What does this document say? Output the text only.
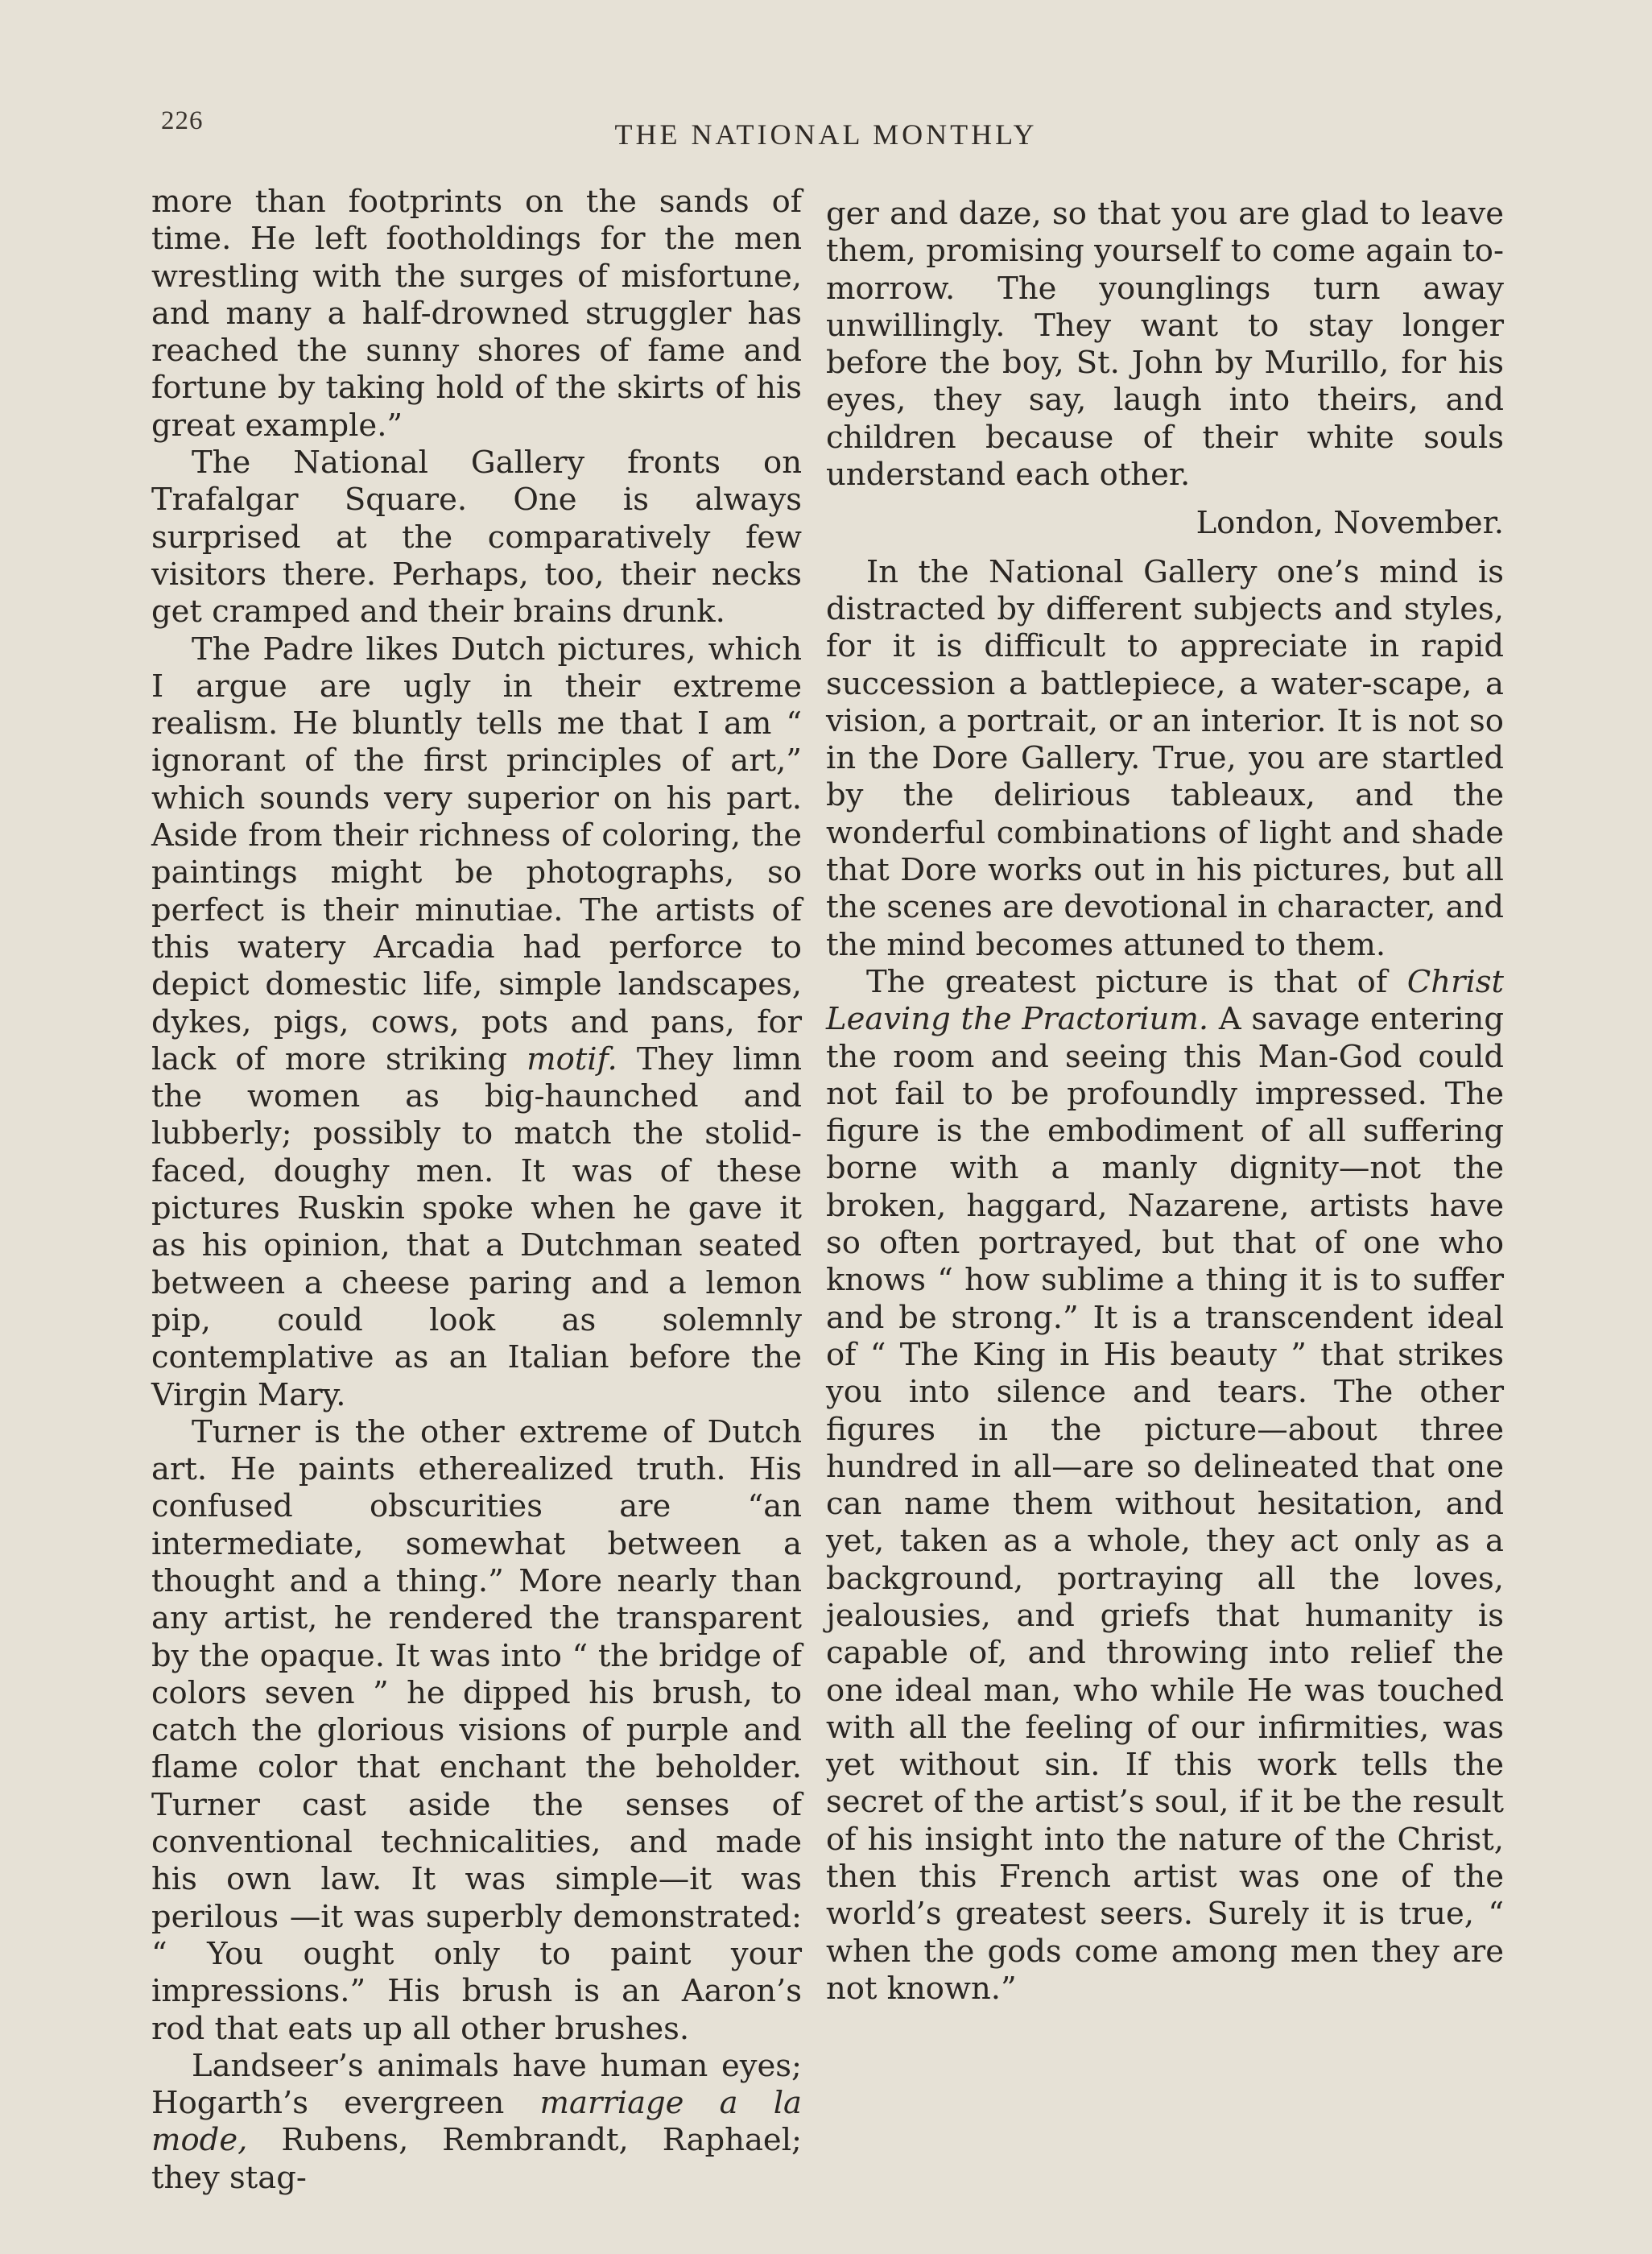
226	THE NATIONAL MONTHLY

more than footprints on the sands of time. He left footholdings for the men wrestling with the surges of misfortune, and many a half-drowned struggler has reached the sunny shores of fame and fortune by taking hold of the skirts of his great example.”

The National Gallery fronts on Trafalgar Square. One is always surprised at the comparatively few visitors there. Perhaps, too, their necks get cramped and their brains drunk.

The Padre likes Dutch pictures, which I argue are ugly in their extreme realism. He bluntly tells me that I am “ ignorant of the first principles of art,” which sounds very superior on his part. Aside from their richness of coloring, the paintings might be photographs, so perfect is their minutiae. The artists of this watery Arcadia had perforce to depict domestic life, simple landscapes, dykes, pigs, cows, pots and pans, for lack of more striking motif. They limn the women as big-haunched and lubberly; possibly to match the stolid-faced, doughy men. It was of these pictures Ruskin spoke when he gave it as his opinion, that a Dutchman seated between a cheese paring and a lemon pip, could look as solemnly contemplative as an Italian before the Virgin Mary.

Turner is the other extreme of Dutch art. He paints etherealized truth. His confused obscurities are “an intermediate, somewhat between a thought and a thing.” More nearly than any artist, he rendered the transparent by the opaque. It was into “ the bridge of colors seven ” he dipped his brush, to catch the glorious visions of purple and flame color that enchant the beholder. Turner cast aside the senses of conventional technicalities, and made his own law. It was simple—it was perilous —it was superbly demonstrated: “ You ought only to paint your impressions.” His brush is an Aaron’s rod that eats up all other brushes.

Landseer’s animals have human eyes; Hogarth’s evergreen marriage a la mode, Rubens, Rembrandt, Raphael; they stag-

ger and daze, so that you are glad to leave them, promising yourself to come again to-morrow. The younglings turn away unwillingly. They want to stay longer before the boy, St. John by Murillo, for his eyes, they say, laugh into theirs, and children because of their white souls understand each other.

London, November.

In the National Gallery one’s mind is distracted by different subjects and styles, for it is difficult to appreciate in rapid succession a battlepiece, a water-scape, a vision, a portrait, or an interior. It is not so in the Dore Gallery. True, you are startled by the delirious tableaux, and the wonderful combinations of light and shade that Dore works out in his pictures, but all the scenes are devotional in character, and the mind becomes attuned to them.

The greatest picture is that of Christ Leaving the Practorium. A savage entering the room and seeing this Man-God could not fail to be profoundly impressed. The figure is the embodiment of all suffering borne with a manly dignity—not the broken, haggard, Nazarene, artists have so often portrayed, but that of one who knows “ how sublime a thing it is to suffer and be strong.” It is a transcendent ideal of “ The King in His beauty ” that strikes you into silence and tears. The other figures in the picture—about three hundred in all—are so delineated that one can name them without hesitation, and yet, taken as a whole, they act only as a background, portraying all the loves, jealousies, and griefs that humanity is capable of, and throwing into relief the one ideal man, who while He was touched with all the feeling of our infirmities, was yet without sin. If this work tells the secret of the artist’s soul, if it be the result of his insight into the nature of the Christ, then this French artist was one of the world’s greatest seers. Surely it is true, “ when the gods come among men they are not known.”
